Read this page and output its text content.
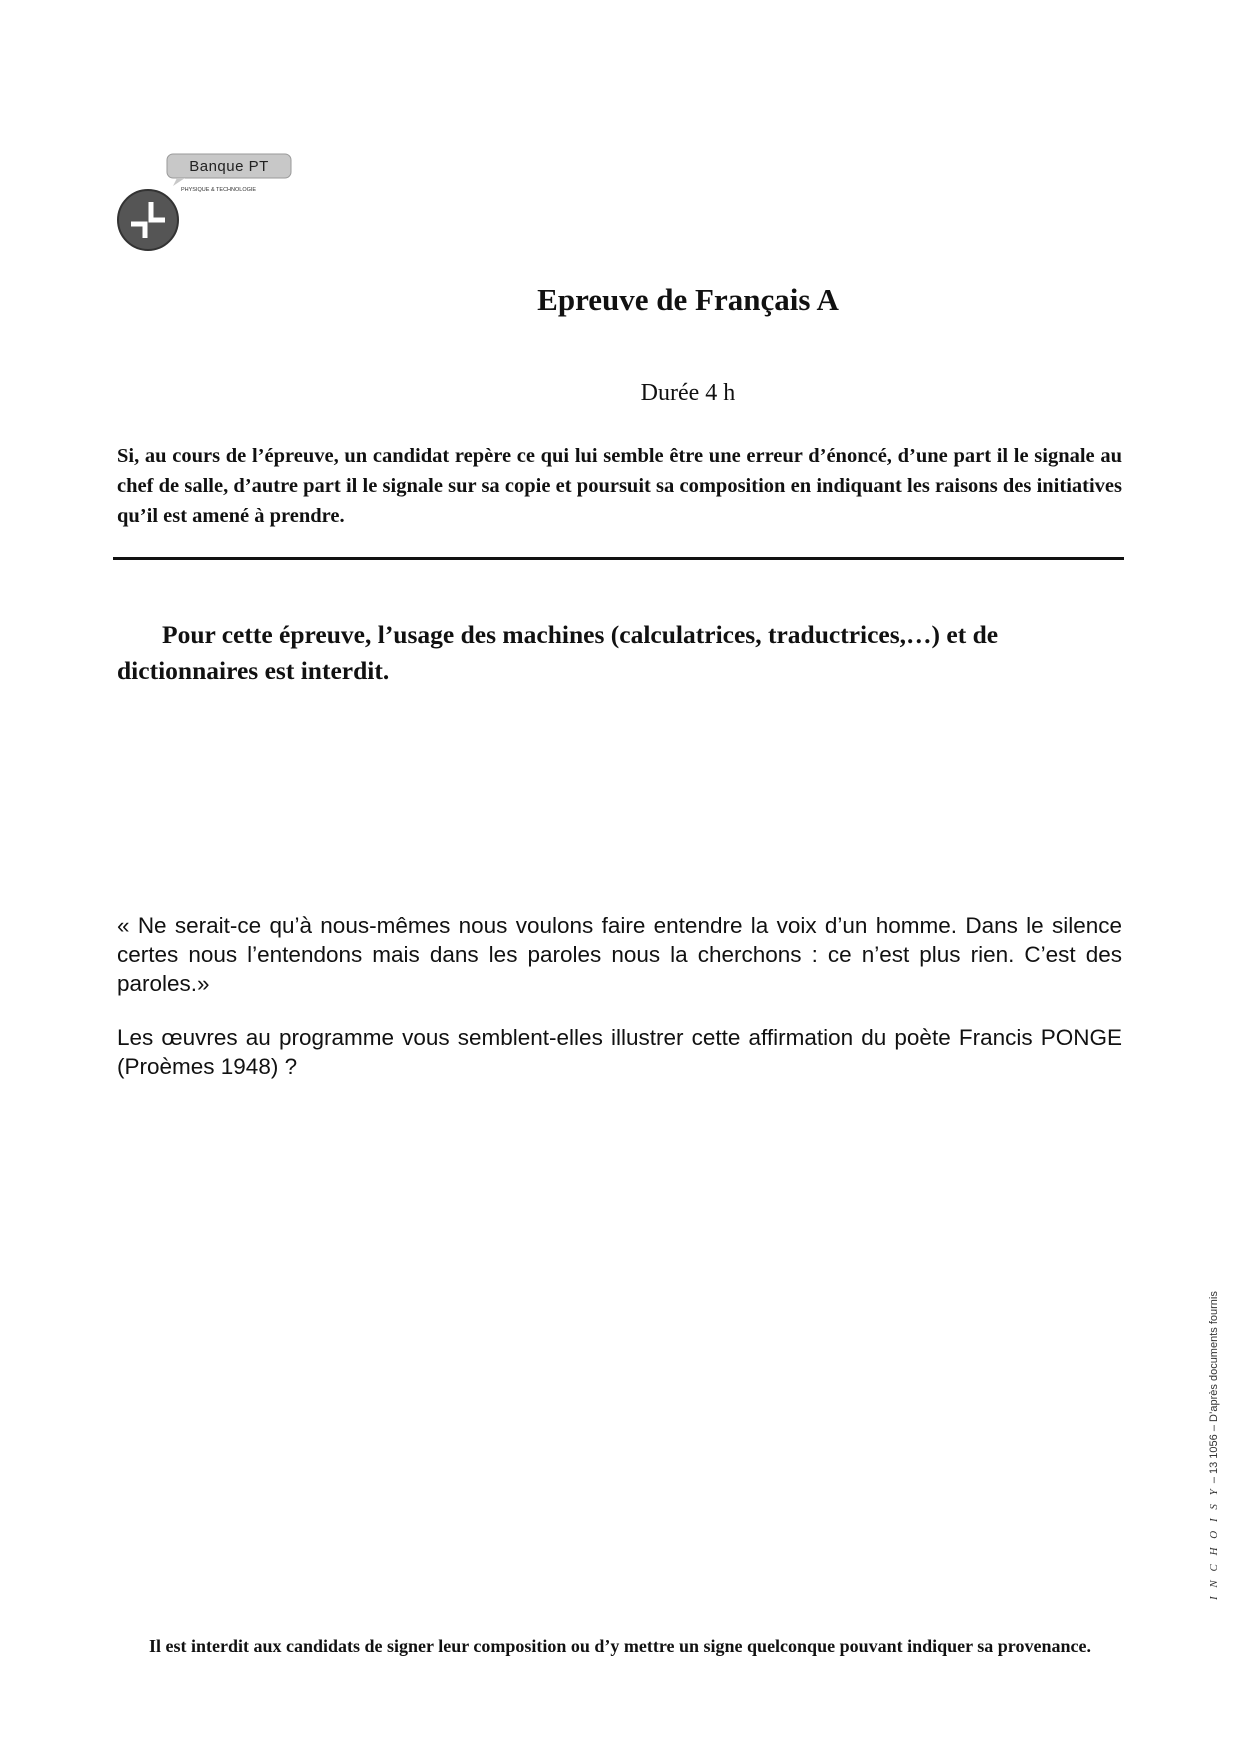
Banque PT
PHYSIQUE & TECHNOLOGIE
Epreuve de Français A
Durée 4 h

Si, au cours de l’épreuve, un candidat repère ce qui lui semble être une erreur d’énoncé, d’une part il le signale au chef de salle, d’autre part il le signale sur sa copie et poursuit sa composition en indiquant les raisons des initiatives qu’il est amené à prendre.

Pour cette épreuve, l’usage des machines (calculatrices, traductrices,…) et de dictionnaires est interdit.

« Ne serait-ce qu’à nous-mêmes nous voulons faire entendre la voix d’un homme. Dans le silence certes nous l’entendons mais dans les paroles nous la cherchons : ce n’est plus rien. C’est des paroles.»

Les œuvres au programme vous semblent-elles illustrer cette affirmation du poète Francis PONGE (Proèmes 1948) ?

I N C H O I S Y – 13 1056 – D’après documents fournis

Il est interdit aux candidats de signer leur composition ou d’y mettre un signe quelconque pouvant indiquer sa provenance.
